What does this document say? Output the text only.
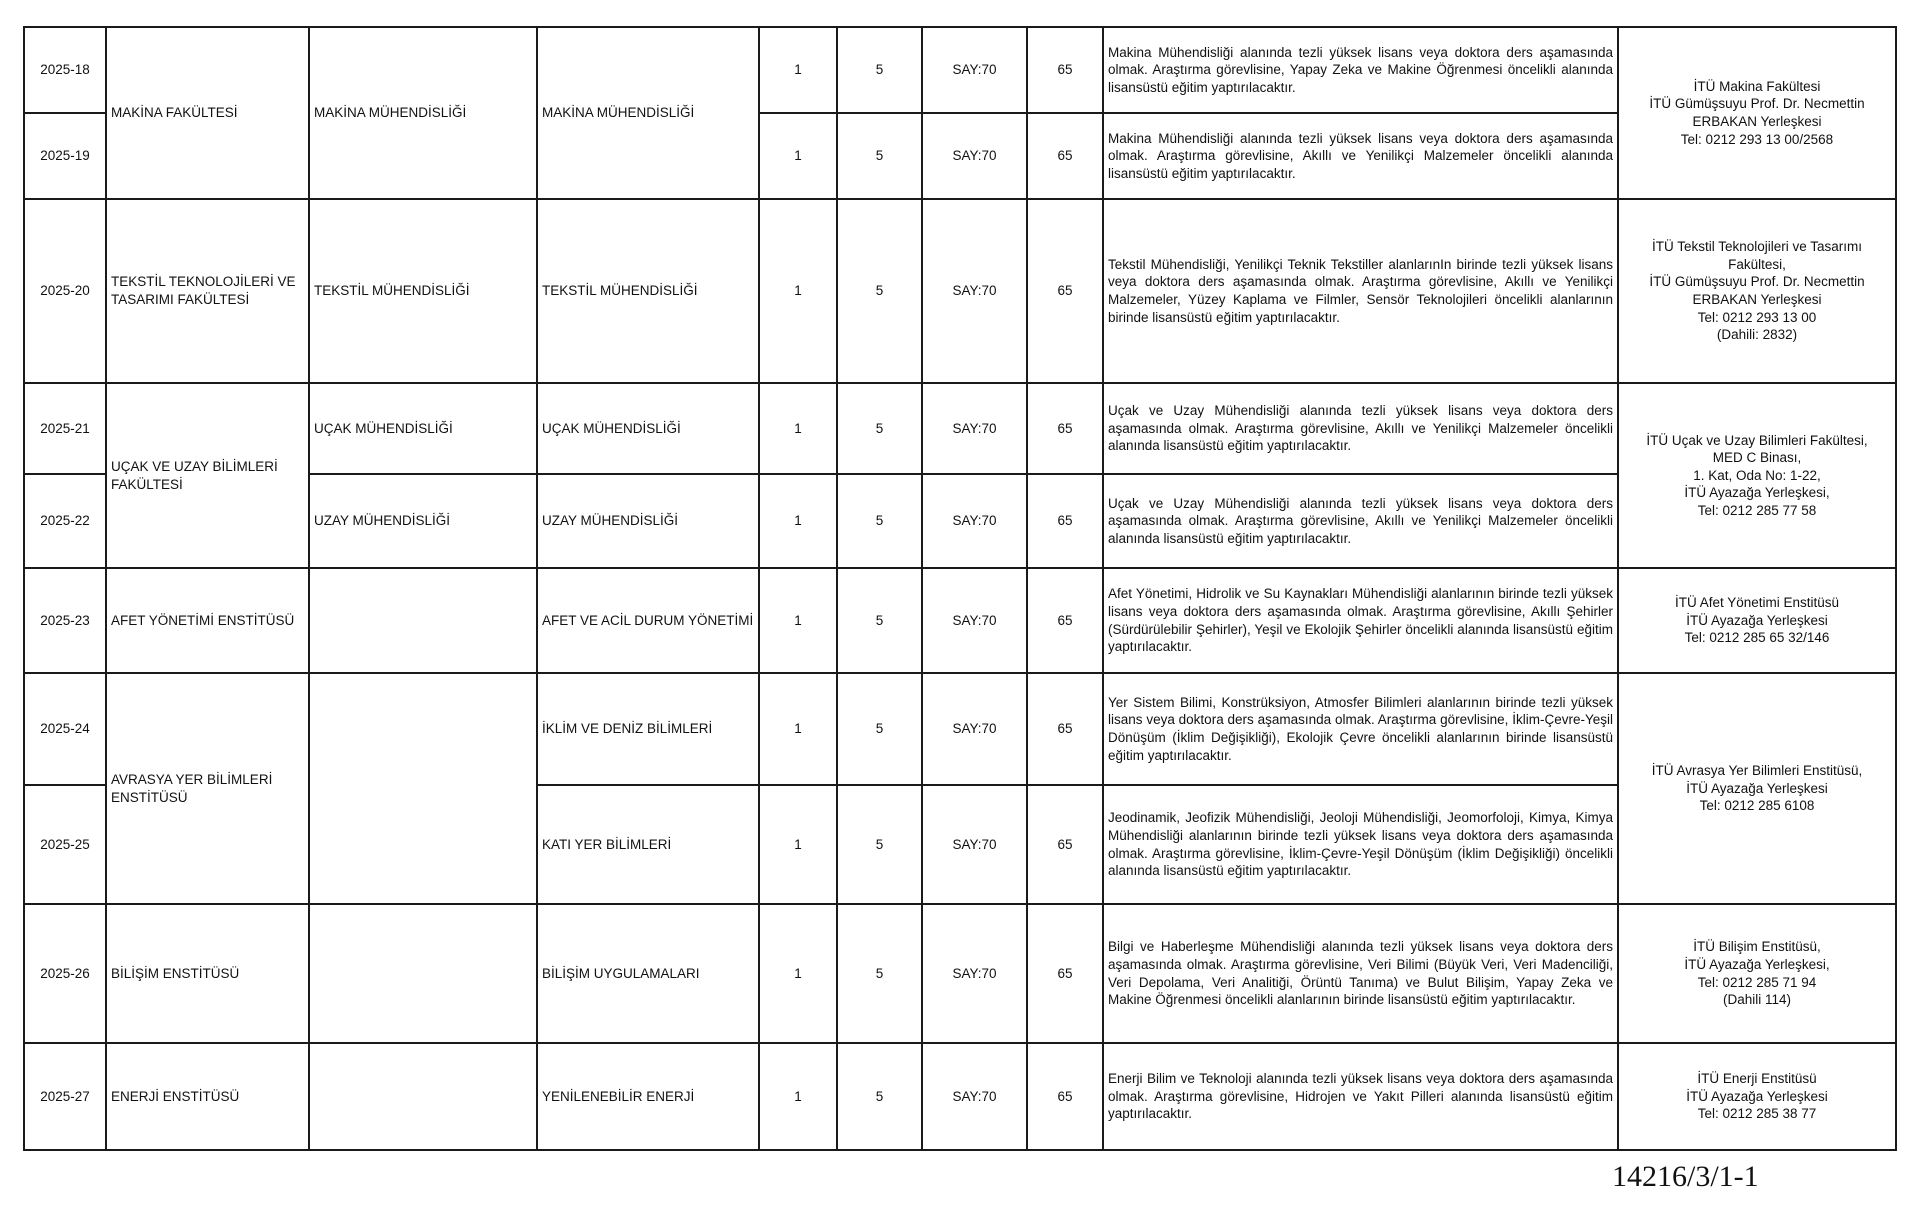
2025-18	MAKİNA FAKÜLTESİ	MAKİNA MÜHENDİSLİĞİ	MAKİNA MÜHENDİSLİĞİ	1	5	SAY:70	65	Makina Mühendisliği alanında tezli yüksek lisans veya doktora ders aşamasında olmak. Araştırma görevlisine, Yapay Zeka ve Makine Öğrenmesi öncelikli alanında lisansüstü eğitim yaptırılacaktır.	İTÜ Makina Fakültesi
İTÜ Gümüşsuyu Prof. Dr. Necmettin
ERBAKAN Yerleşkesi
Tel: 0212 293 13 00/2568

2025-19				1	5	SAY:70	65	Makina Mühendisliği alanında tezli yüksek lisans veya doktora ders aşamasında olmak. Araştırma görevlisine, Akıllı ve Yenilikçi Malzemeler öncelikli alanında lisansüstü eğitim yaptırılacaktır.	
2025-20	TEKSTİL TEKNOLOJİLERİ VE TASARIMI FAKÜLTESİ	TEKSTİL MÜHENDİSLİĞİ	TEKSTİL MÜHENDİSLİĞİ	1	5	SAY:70	65	Tekstil Mühendisliği, Yenilikçi Teknik Tekstiller alanlarınIn birinde tezli yüksek lisans veya doktora ders aşamasında olmak. Araştırma görevlisine, Akıllı ve Yenilikçi Malzemeler, Yüzey Kaplama ve Filmler, Sensör Teknolojileri öncelikli alanlarının birinde lisansüstü eğitim yaptırılacaktır.	
İTÜ Tekstil Teknolojileri ve Tasarımı
Fakültesi,
İTÜ Gümüşsuyu Prof. Dr. Necmettin
ERBAKAN Yerleşkesi
Tel: 0212 293 13 00
(Dahili: 2832)

2025-21	UÇAK VE UZAY BİLİMLERİ FAKÜLTESİ	UÇAK MÜHENDİSLİĞİ	UÇAK MÜHENDİSLİĞİ	1	5	SAY:70	65	Uçak ve Uzay Mühendisliği alanında tezli yüksek lisans veya doktora ders aşamasında olmak. Araştırma görevlisine, Akıllı ve Yenilikçi Malzemeler öncelikli alanında lisansüstü eğitim yaptırılacaktır.	İTÜ Uçak ve Uzay Bilimleri Fakültesi,
MED C Binası,
1. Kat, Oda No: 1-22,
İTÜ Ayazağa Yerleşkesi,
Tel: 0212 285 77 58

2025-22		UZAY MÜHENDİSLİĞİ	UZAY MÜHENDİSLİĞİ	1	5	SAY:70	65	Uçak ve Uzay Mühendisliği alanında tezli yüksek lisans veya doktora ders aşamasında olmak. Araştırma görevlisine, Akıllı ve Yenilikçi Malzemeler öncelikli alanında lisansüstü eğitim yaptırılacaktır.	
2025-23	AFET YÖNETİMİ ENSTİTÜSÜ		AFET VE ACİL DURUM YÖNETİMİ	1	5	SAY:70	65	Afet Yönetimi, Hidrolik ve Su Kaynakları Mühendisliği alanlarının birinde tezli yüksek lisans veya doktora ders aşamasında olmak. Araştırma görevlisine, Akıllı Şehirler (Sürdürülebilir Şehirler), Yeşil ve Ekolojik Şehirler öncelikli alanında lisansüstü eğitim yaptırılacaktır.	
İTÜ Afet Yönetimi Enstitüsü
İTÜ Ayazağa Yerleşkesi
Tel: 0212 285 65 32/146

2025-24	AVRASYA YER BİLİMLERİ ENSTİTÜSÜ		İKLİM VE DENİZ BİLİMLERİ	1	5	SAY:70	65	Yer Sistem Bilimi, Konstrüksiyon, Atmosfer Bilimleri alanlarının birinde tezli yüksek lisans veya doktora ders aşamasında olmak. Araştırma görevlisine, İklim-Çevre-Yeşil Dönüşüm (İklim Değişikliği), Ekolojik Çevre öncelikli alanlarının birinde lisansüstü eğitim yaptırılacaktır.	
İTÜ Avrasya Yer Bilimleri Enstitüsü,
İTÜ Ayazağa Yerleşkesi
Tel: 0212 285 6108

2025-25			KATI YER BİLİMLERİ	1	5	SAY:70	65	Jeodinamik, Jeofizik Mühendisliği, Jeoloji Mühendisliği, Jeomorfoloji, Kimya, Kimya Mühendisliği alanlarının birinde tezli yüksek lisans veya doktora ders aşamasında olmak. Araştırma görevlisine, İklim-Çevre-Yeşil Dönüşüm (İklim Değişikliği) öncelikli alanında lisansüstü eğitim yaptırılacaktır.	
2025-26	BİLİŞİM ENSTİTÜSÜ		BİLİŞİM UYGULAMALARI	1	5	SAY:70	65	Bilgi ve Haberleşme Mühendisliği alanında tezli yüksek lisans veya doktora ders aşamasında olmak. Araştırma görevlisine, Veri Bilimi (Büyük Veri, Veri Madenciliği, Veri Depolama, Veri Analitiği, Örüntü Tanıma) ve Bulut Bilişim, Yapay Zeka ve Makine Öğrenmesi öncelikli alanlarının birinde lisansüstü eğitim yaptırılacaktır.	
İTÜ Bilişim Enstitüsü,
İTÜ Ayazağa Yerleşkesi,
Tel: 0212 285 71 94
(Dahili 114)

2025-27	ENERJİ ENSTİTÜSÜ		YENİLENEBİLİR ENERJİ	1	5	SAY:70	65	Enerji Bilim ve Teknoloji alanında tezli yüksek lisans veya doktora ders aşamasında olmak. Araştırma görevlisine, Hidrojen ve Yakıt Pilleri alanında lisansüstü eğitim yaptırılacaktır.	İTÜ Enerji Enstitüsü
İTÜ Ayazağa Yerleşkesi
Tel: 0212 285 38 77
14216/3/1-1
